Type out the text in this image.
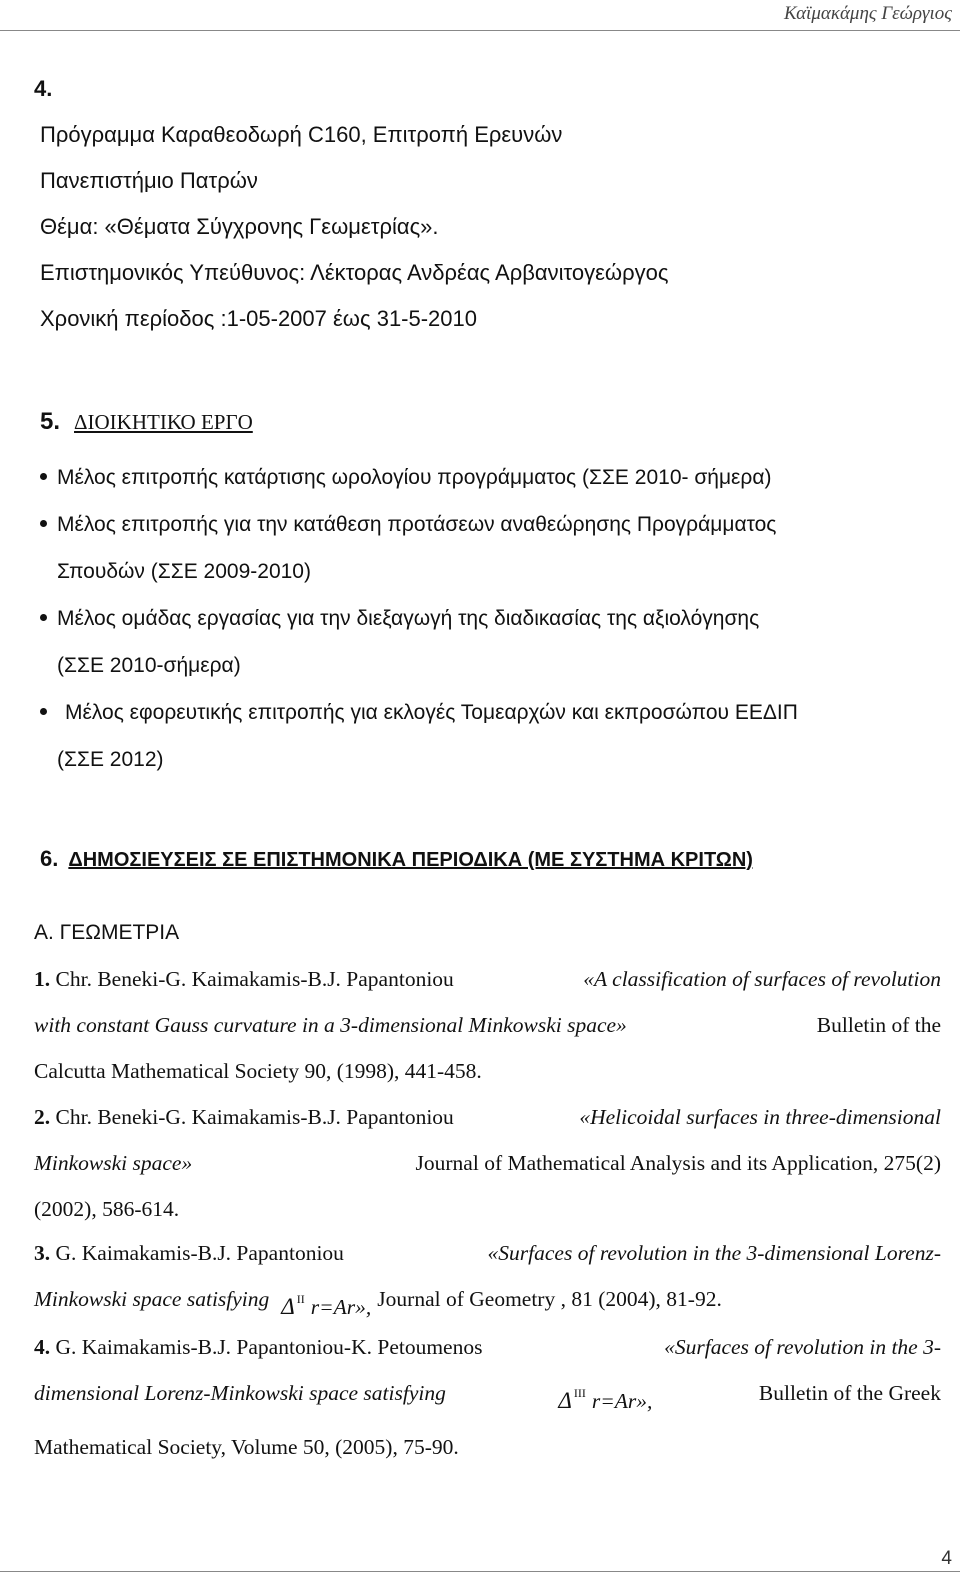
Καϊμακάμης Γεώργιος
4.
Πρόγραμμα Καραθεοδωρή C160, Επιτροπή Ερευνών
Πανεπιστήμιο Πατρών
Θέμα: «Θέματα Σύγχρονης Γεωμετρίας».
Επιστημονικός Υπεύθυνος: Λέκτορας Ανδρέας Αρβανιτογεώργος
Χρονική περίοδος :1-05-2007 έως 31-5-2010
5. ΔΙΟΙΚΗΤΙΚΟ ΕΡΓΟ
Μέλος επιτροπής κατάρτισης ωρολογίου προγράμματος (ΣΣΕ 2010- σήμερα)
Μέλος επιτροπής για την κατάθεση προτάσεων αναθεώρησης Προγράμματος
Σπουδών (ΣΣΕ 2009-2010)
Μέλος ομάδας εργασίας για την διεξαγωγή της διαδικασίας της αξιολόγησης
(ΣΣΕ 2010-σήμερα)
Μέλος εφορευτικής επιτροπής για εκλογές Τομεαρχών και εκπροσώπου ΕΕΔΙΠ
(ΣΣΕ 2012)
6. ΔΗΜΟΣΙΕΥΣΕΙΣ ΣΕ ΕΠΙΣΤΗΜΟΝΙΚΑ ΠΕΡΙΟΔΙΚΑ (ΜΕ ΣΥΣΤΗΜΑ ΚΡΙΤΩΝ)
Α. ΓΕΩΜΕΤΡΙΑ
1. Chr. Beneki-G. Kaimakamis-B.J. Papantoniou	«A classification of surfaces of revolution
with constant Gauss curvature in a 3-dimensional Minkowski space»	Bulletin of the
Calcutta Mathematical Society 90, (1998), 441-458.
2. Chr. Beneki-G. Kaimakamis-B.J. Papantoniou	«Helicoidal surfaces in three-dimensional
Minkowski space»	Journal of Mathematical Analysis and its Application, 275(2)
(2002), 586-614.
3. G. Kaimakamis-B.J. Papantoniou	«Surfaces of revolution in the 3-dimensional Lorenz-
Minkowski space satisfying Δ $^{II}$ r=Ar», Journal of Geometry , 81 (2004), 81-92.
4. G. Kaimakamis-B.J. Papantoniou-K. Petoumenos	«Surfaces of revolution in the 3-
dimensional Lorenz-Minkowski space satisfying	Δ $^{III}$ r=Ar»,	Bulletin of the Greek
Mathematical Society, Volume 50, (2005), 75-90.
4
